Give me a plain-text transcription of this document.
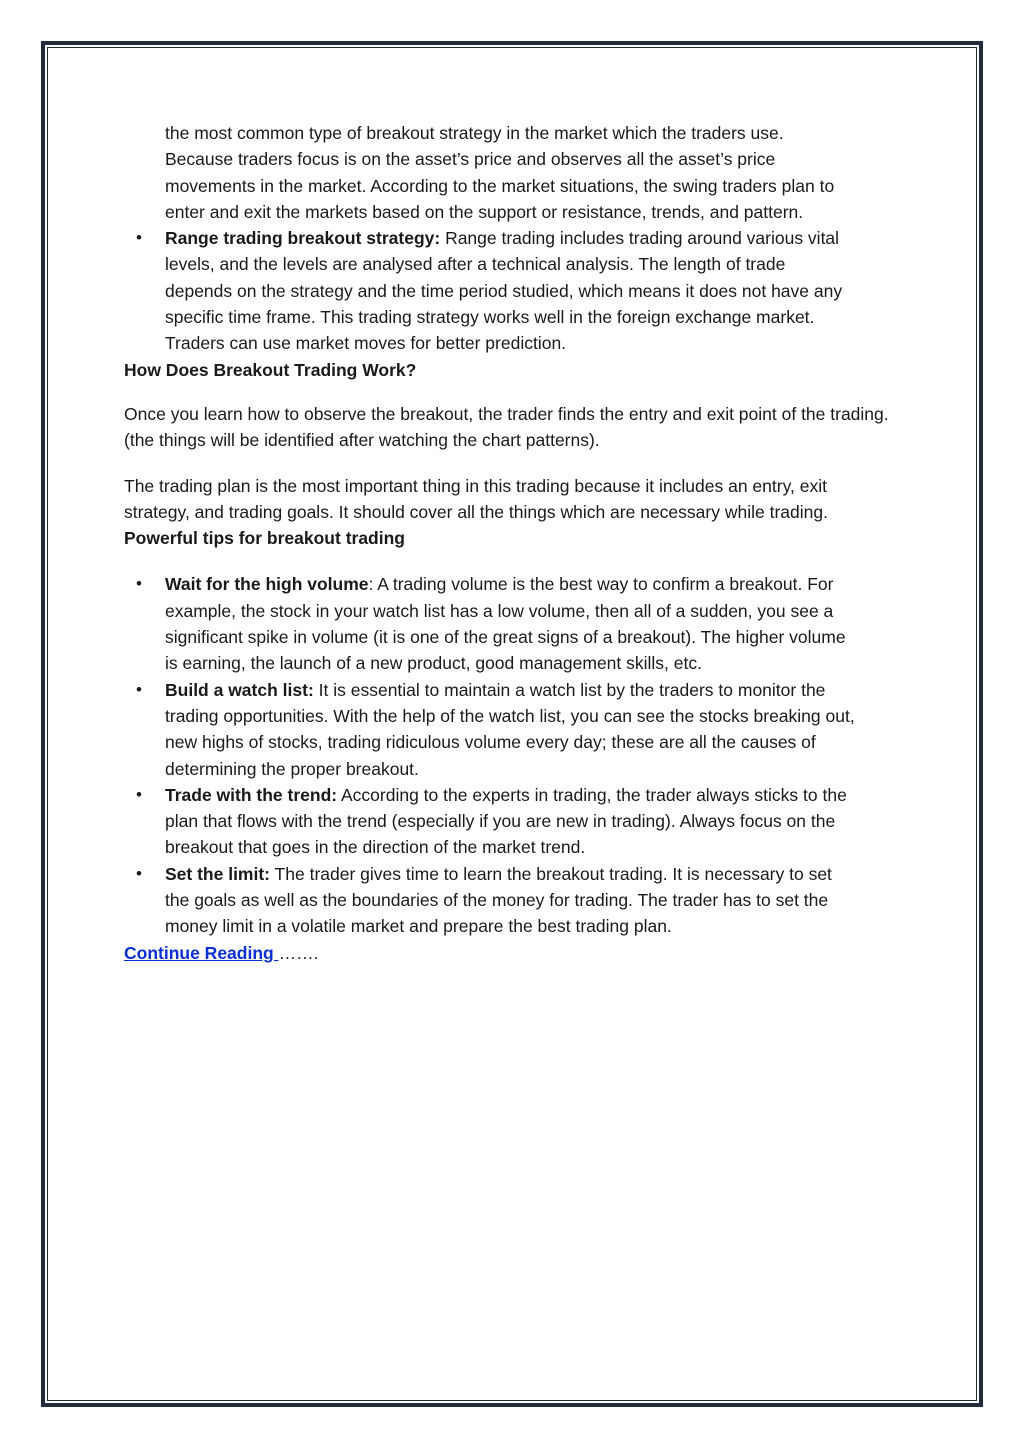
the most common type of breakout strategy in the market which the traders use. Because traders focus is on the asset’s price and observes all the asset’s price movements in the market. According to the market situations, the swing traders plan to enter and exit the markets based on the support or resistance, trends, and pattern.
• Range trading breakout strategy: Range trading includes trading around various vital levels, and the levels are analysed after a technical analysis. The length of trade depends on the strategy and the time period studied, which means it does not have any specific time frame. This trading strategy works well in the foreign exchange market. Traders can use market moves for better prediction.
How Does Breakout Trading Work?

Once you learn how to observe the breakout, the trader finds the entry and exit point of the trading. (the things will be identified after watching the chart patterns).

The trading plan is the most important thing in this trading because it includes an entry, exit strategy, and trading goals. It should cover all the things which are necessary while trading.

Powerful tips for breakout trading
• Wait for the high volume: A trading volume is the best way to confirm a breakout. For example, the stock in your watch list has a low volume, then all of a sudden, you see a significant spike in volume (it is one of the great signs of a breakout). The higher volume is earning, the launch of a new product, good management skills, etc.
• Build a watch list: It is essential to maintain a watch list by the traders to monitor the trading opportunities. With the help of the watch list, you can see the stocks breaking out, new highs of stocks, trading ridiculous volume every day; these are all the causes of determining the proper breakout.
• Trade with the trend: According to the experts in trading, the trader always sticks to the plan that flows with the trend (especially if you are new in trading). Always focus on the breakout that goes in the direction of the market trend.
• Set the limit: The trader gives time to learn the breakout trading. It is necessary to set the goals as well as the boundaries of the money for trading. The trader has to set the money limit in a volatile market and prepare the best trading plan.

Continue Reading …….
